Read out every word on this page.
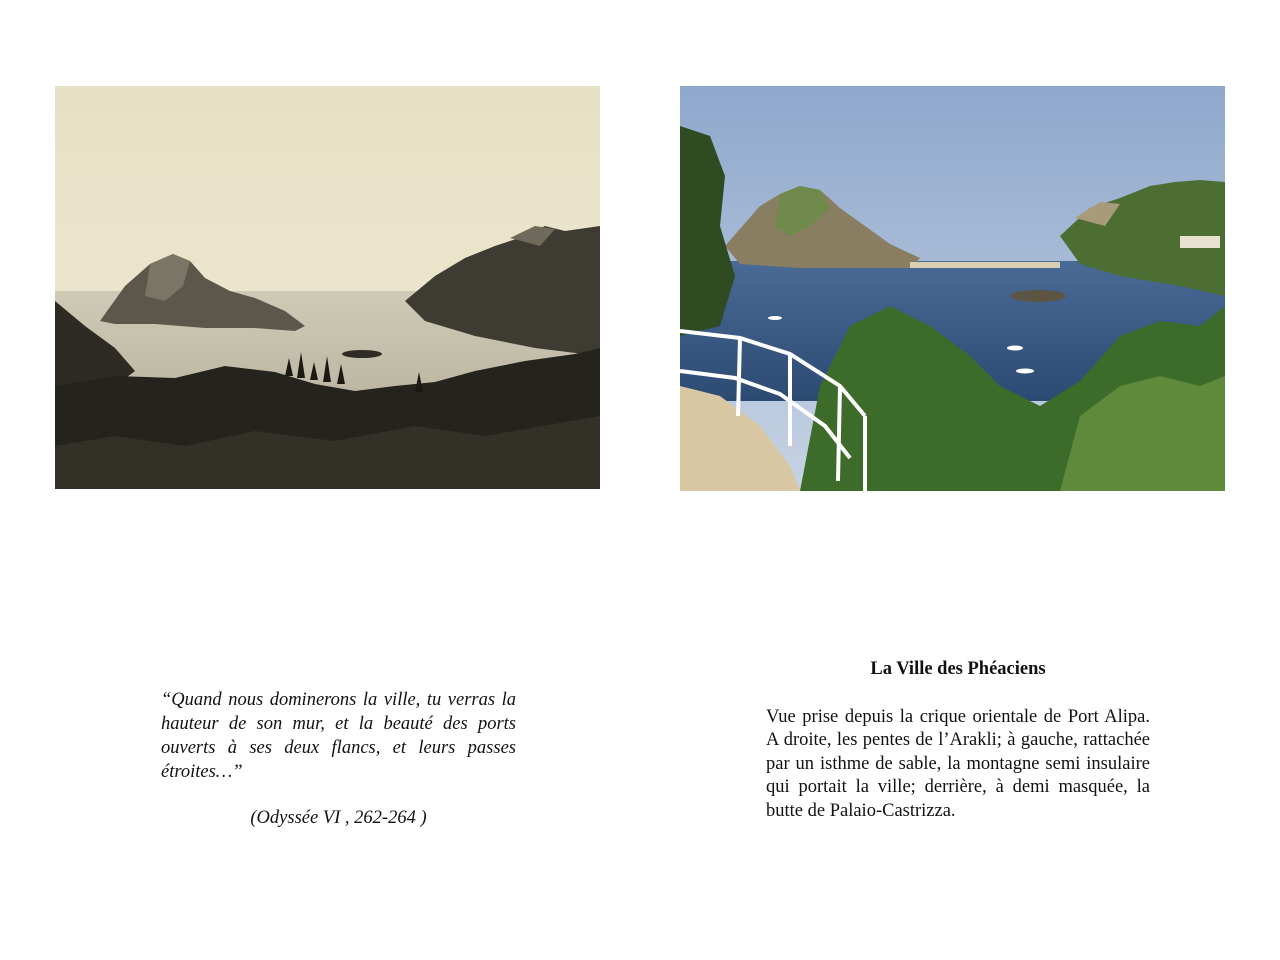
“Quand nous dominerons la ville, tu verras la hauteur de son mur, et la beauté des ports ouverts à ses deux flancs, et leurs passes étroites…”

(Odyssée VI , 262-264 )

La Ville des Phéaciens

Vue prise depuis la crique orientale de Port Alipa. A droite, les pentes de l’Arakli; à gauche, rattachée par un isthme de sable, la montagne semi insulaire qui portait la ville; derrière, à demi masquée, la butte de Palaio-Castrizza.
